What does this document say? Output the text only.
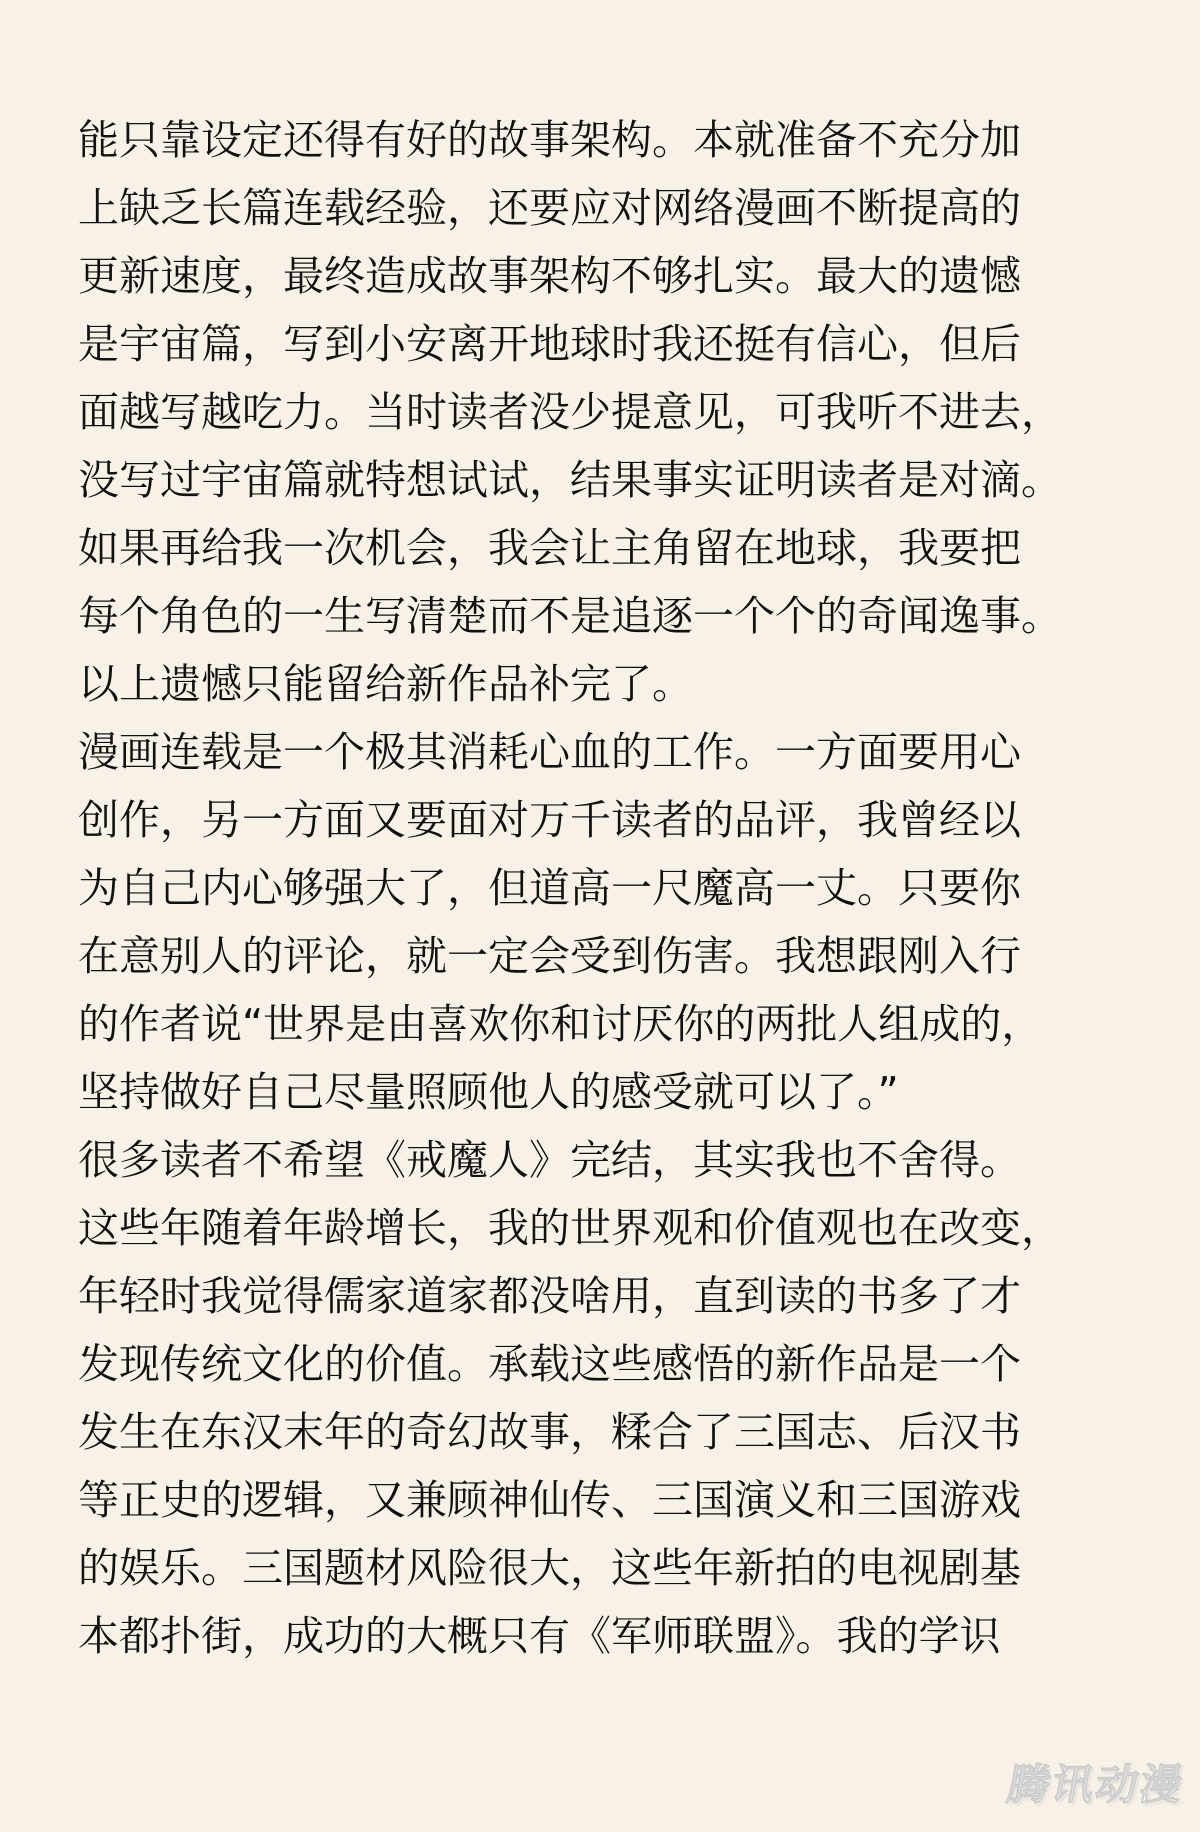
能只靠设定还得有好的故事架构。本就准备不充分加
上缺乏长篇连载经验，还要应对网络漫画不断提高的
更新速度，最终造成故事架构不够扎实。最大的遗憾
是宇宙篇，写到小安离开地球时我还挺有信心，但后
面越写越吃力。当时读者没少提意见，可我听不进去，
没写过宇宙篇就特想试试，结果事实证明读者是对滴。
如果再给我一次机会，我会让主角留在地球，我要把
每个角色的一生写清楚而不是追逐一个个的奇闻逸事。
以上遗憾只能留给新作品补完了。
漫画连载是一个极其消耗心血的工作。一方面要用心
创作，另一方面又要面对万千读者的品评，我曾经以
为自己内心够强大了，但道高一尺魔高一丈。只要你
在意别人的评论，就一定会受到伤害。我想跟刚入行
的作者说“世界是由喜欢你和讨厌你的两批人组成的，
坚持做好自己尽量照顾他人的感受就可以了。”
很多读者不希望《戒魔人》完结，其实我也不舍得。
这些年随着年龄增长，我的世界观和价值观也在改变，
年轻时我觉得儒家道家都没啥用，直到读的书多了才
发现传统文化的价值。承载这些感悟的新作品是一个
发生在东汉末年的奇幻故事，糅合了三国志、后汉书
等正史的逻辑，又兼顾神仙传、三国演义和三国游戏
的娱乐。三国题材风险很大，这些年新拍的电视剧基
本都扑街，成功的大概只有《军师联盟》。我的学识
腾讯动漫
